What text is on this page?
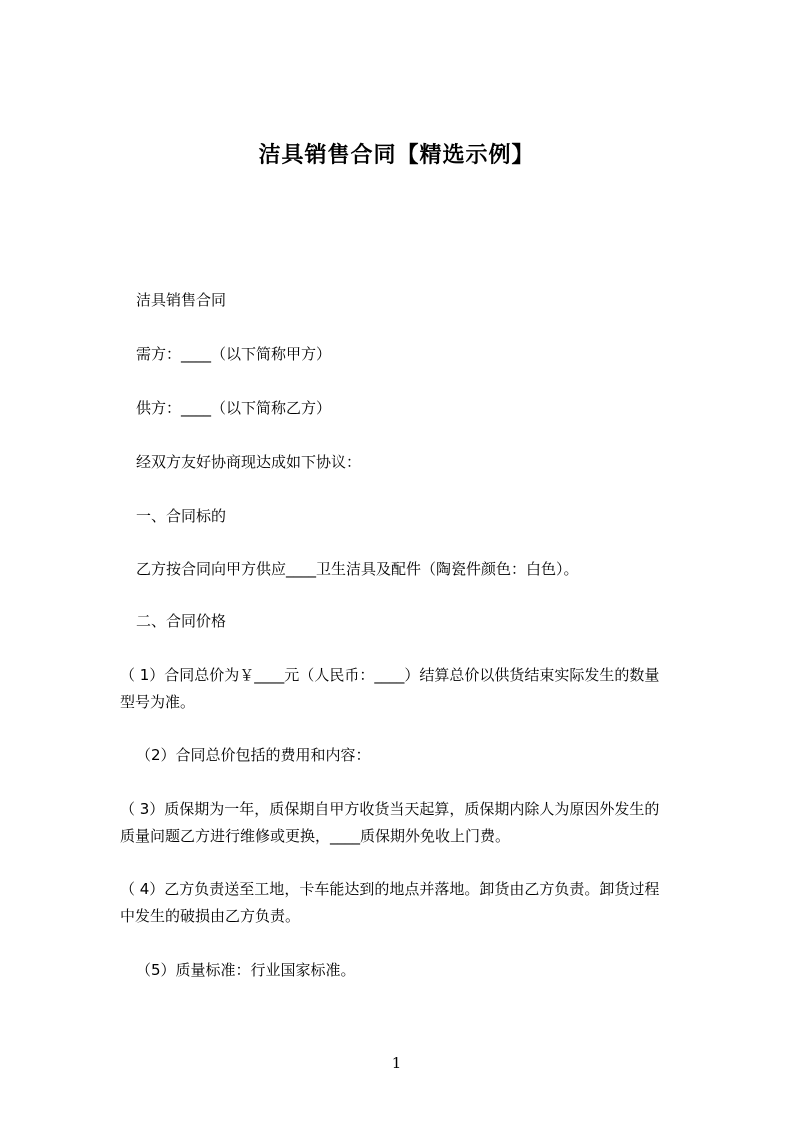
洁具销售合同【精选示例】
洁具销售合同
需方：____（以下简称甲方）
供方：____（以下简称乙方）
经双方友好协商现达成如下协议：
一、合同标的
乙方按合同向甲方供应____卫生洁具及配件（陶瓷件颜色：白色）。
二、合同价格
（ 1）合同总价为￥____元（人民币：____）结算总价以供货结束实际发生的数量
型号为准。
（2）合同总价包括的费用和内容：
（ 3）质保期为一年，质保期自甲方收货当天起算，质保期内除人为原因外发生的
质量问题乙方进行维修或更换，____质保期外免收上门费。
（ 4）乙方负责送至工地，卡车能达到的地点并落地。卸货由乙方负责。卸货过程
中发生的破损由乙方负责。
（5）质量标准：行业国家标准。
1
